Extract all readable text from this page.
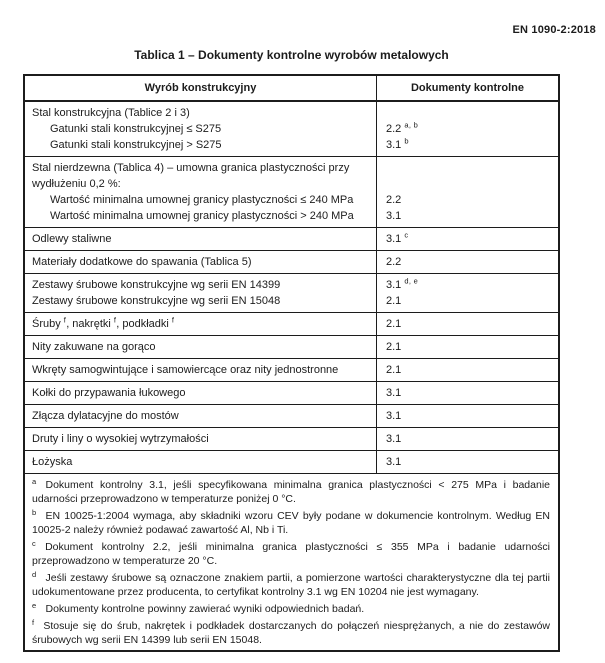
EN 1090-2:2018
Tablica 1 – Dokumenty kontrolne wyrobów metalowych
Wyrób konstrukcyjny	Dokumenty kontrolne
Stal konstrukcyjna (Tablice 2 i 3)
Gatunki stali konstrukcyjnej ≤ S275	2.2 $^{a, b}$
Gatunki stali konstrukcyjnej > S275	3.1 $^b$
Stal nierdzewna (Tablica 4) – umowna granica plastyczności przy wydłużeniu 0,2 %:
Wartość minimalna umownej granicy plastyczności ≤ 240 MPa	2.2
Wartość minimalna umownej granicy plastyczności > 240 MPa	3.1
Odlewy staliwne	3.1 $^c$
Materiały dodatkowe do spawania (Tablica 5)	2.2
Zestawy śrubowe konstrukcyjne wg serii EN 14399	3.1 $^{d, e}$
Zestawy śrubowe konstrukcyjne wg serii EN 15048	2.1
Śruby $^f$, nakrętki $^f$, podkładki $^f$	2.1
Nity zakuwane na gorąco	2.1
Wkręty samogwintujące i samowiercące oraz nity jednostronne	2.1
Kołki do przypawania łukowego	3.1
Złącza dylatacyjne do mostów	3.1
Druty i liny o wysokiej wytrzymałości	3.1
Łożyska	3.1

$^a$ Dokument kontrolny 3.1, jeśli specyfikowana minimalna granica plastyczności < 275 MPa i badanie udarności przeprowadzono w temperaturze poniżej 0 °C.

$^b$ EN 10025-1:2004 wymaga, aby składniki wzoru CEV były podane w dokumencie kontrolnym. Według EN 10025-2 należy również podawać zawartość Al, Nb i Ti.

$^c$ Dokument kontrolny 2.2, jeśli minimalna granica plastyczności ≤ 355 MPa i badanie udarności przeprowadzono w temperaturze 20 °C.

$^d$ Jeśli zestawy śrubowe są oznaczone znakiem partii, a pomierzone wartości charakterystyczne dla tej partii udokumentowane przez producenta, to certyfikat kontrolny 3.1 wg EN 10204 nie jest wymagany.

$^e$ Dokumenty kontrolne powinny zawierać wyniki odpowiednich badań.

$^f$ Stosuje się do śrub, nakrętek i podkładek dostarczanych do połączeń niesprężanych, a nie do zestawów śrubowych wg serii EN 14399 lub serii EN 15048.
